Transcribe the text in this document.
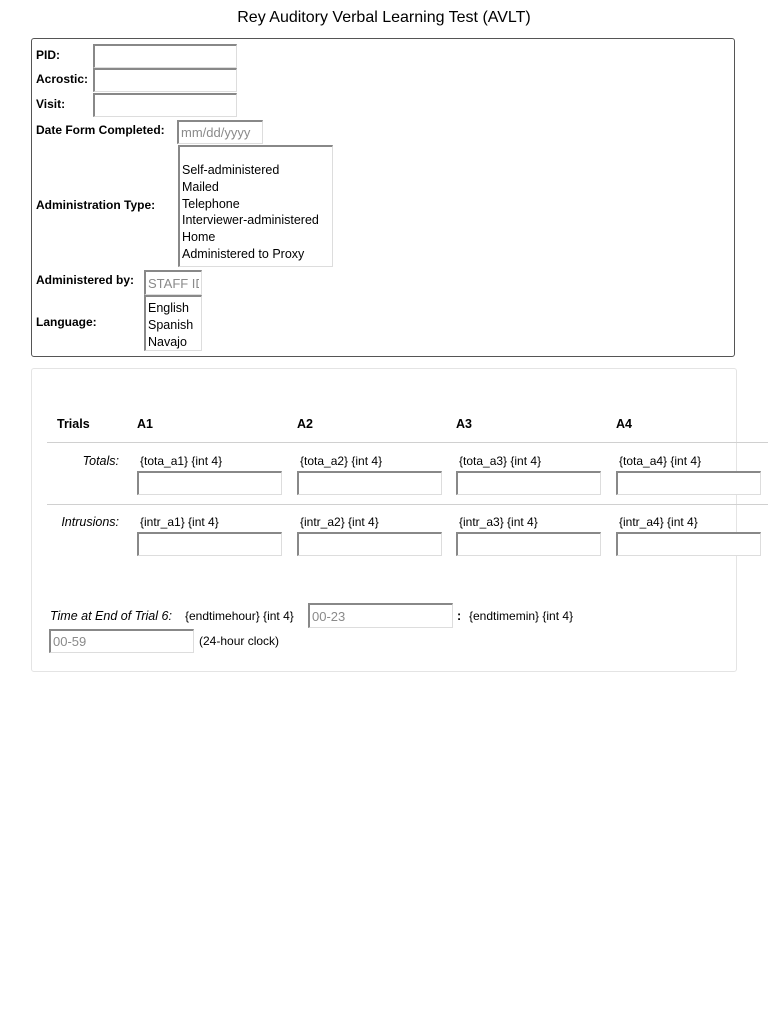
Rey Auditory Verbal Learning Test (AVLT)
PID:
Acrostic:
Visit:
Date Form Completed:
mm/dd/yyyy
Administration Type:
Self-administered
Mailed
Telephone
Interviewer-administered
Home
Administered to Proxy
Administered by:
STAFF ID
Language:
English
Spanish
Navajo
Trials	A1	A2	A3	A4
Totals: {tota_a1} {int 4}	{tota_a2} {int 4}	{tota_a3} {int 4}	{tota_a4} {int 4}
Intrusions: {intr_a1} {int 4}	{intr_a2} {int 4}	{intr_a3} {int 4}	{intr_a4} {int 4}
Time at End of Trial 6: {endtimehour} {int 4}
00-23	: {endtimemin} {int 4}
00-59
(24-hour clock)
